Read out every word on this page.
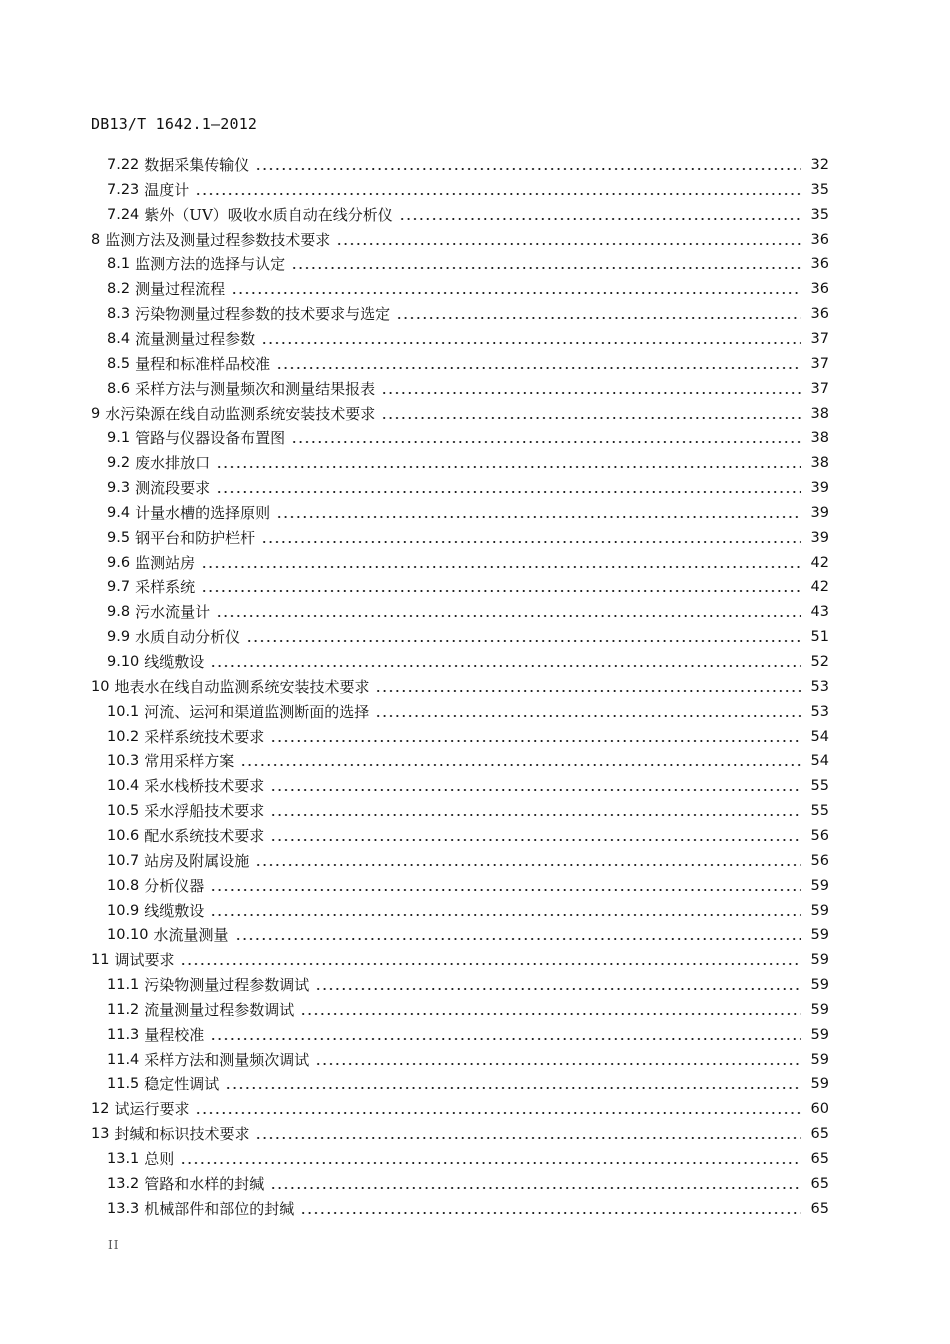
DB13/T 1642.1—2012
7.22 数据采集传输仪	32
7.23 温度计	35
7.24 紫外（UV）吸收水质自动在线分析仪	35
8 监测方法及测量过程参数技术要求	36
8.1 监测方法的选择与认定	36
8.2 测量过程流程	36
8.3 污染物测量过程参数的技术要求与选定	36
8.4 流量测量过程参数	37
8.5 量程和标准样品校准	37
8.6 采样方法与测量频次和测量结果报表	37
9 水污染源在线自动监测系统安装技术要求	38
9.1 管路与仪器设备布置图	38
9.2 废水排放口	38
9.3 测流段要求	39
9.4 计量水槽的选择原则	39
9.5 钢平台和防护栏杆	39
9.6 监测站房	42
9.7 采样系统	42
9.8 污水流量计	43
9.9 水质自动分析仪	51
9.10 线缆敷设	52
10 地表水在线自动监测系统安装技术要求	53
10.1 河流、运河和渠道监测断面的选择	53
10.2 采样系统技术要求	54
10.3 常用采样方案	54
10.4 采水栈桥技术要求	55
10.5 采水浮船技术要求	55
10.6 配水系统技术要求	56
10.7 站房及附属设施	56
10.8 分析仪器	59
10.9 线缆敷设	59
10.10 水流量测量	59
11 调试要求	59
11.1 污染物测量过程参数调试	59
11.2 流量测量过程参数调试	59
11.3 量程校准	59
11.4 采样方法和测量频次调试	59
11.5 稳定性调试	59
12 试运行要求	60
13 封缄和标识技术要求	65
13.1 总则	65
13.2 管路和水样的封缄	65
13.3 机械部件和部位的封缄	65
II
